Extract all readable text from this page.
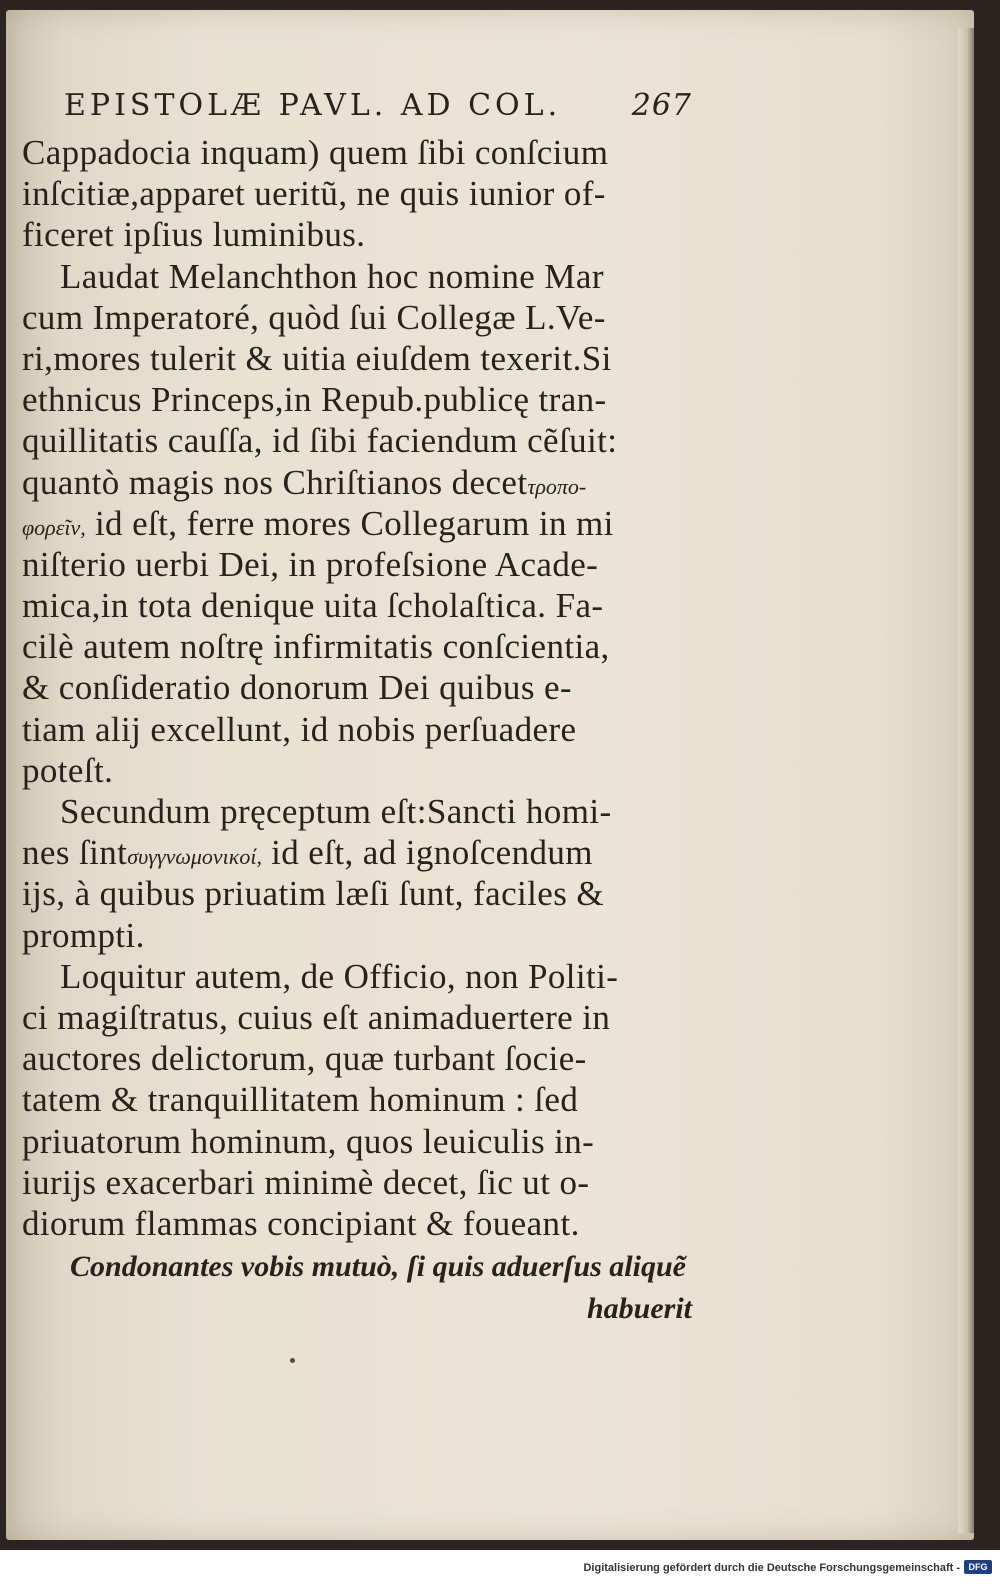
EPISTOLÆ PAVL. AD COL. 267
Cappadocia inquam) quem ſibi conſcium
inſcitiæ,apparet ueritũ, ne quis iunior of-
ficeret ipſius luminibus.
Laudat Melanchthon hoc nomine Mar
cum Imperatoré, quòd ſui Collegæ L.Ve-
ri,mores tulerit & uitia eiuſdem texerit.Si
ethnicus Princeps,in Repub.publicę tran-
quillitatis cauſſa, id ſibi faciendum cẽſuit:
quantò magis nos Chriſtianos decetτροπο-
φορεῖν, id eſt, ferre mores Collegarum in mi
niſterio uerbi Dei, in profeſsione Acade-
mica,in tota denique uita ſcholaſtica. Fa-
cilè autem noſtrę infirmitatis conſcientia,
& conſideratio donorum Dei quibus e-
tiam alij excellunt, id nobis perſuadere
poteſt.
Secundum pręceptum eſt:Sancti homi-
nes ſintσυγγνωμονικοί, id eſt, ad ignoſcendum
ijs, à quibus priuatim læſi ſunt, faciles &
prompti.
Loquitur autem, de Officio, non Politi-
ci magiſtratus, cuius eſt animaduertere in
auctores delictorum, quæ turbant ſocie-
tatem & tranquillitatem hominum : ſed
priuatorum hominum, quos leuiculis in-
iurijs exacerbari minimè decet, ſic ut o-
diorum flammas concipiant & foueant.
Condonantes vobis mutuò, ſi quis aduerſus aliquẽ
habuerit
Digitalisierung gefördert durch die Deutsche Forschungsgemeinschaft - DFG
